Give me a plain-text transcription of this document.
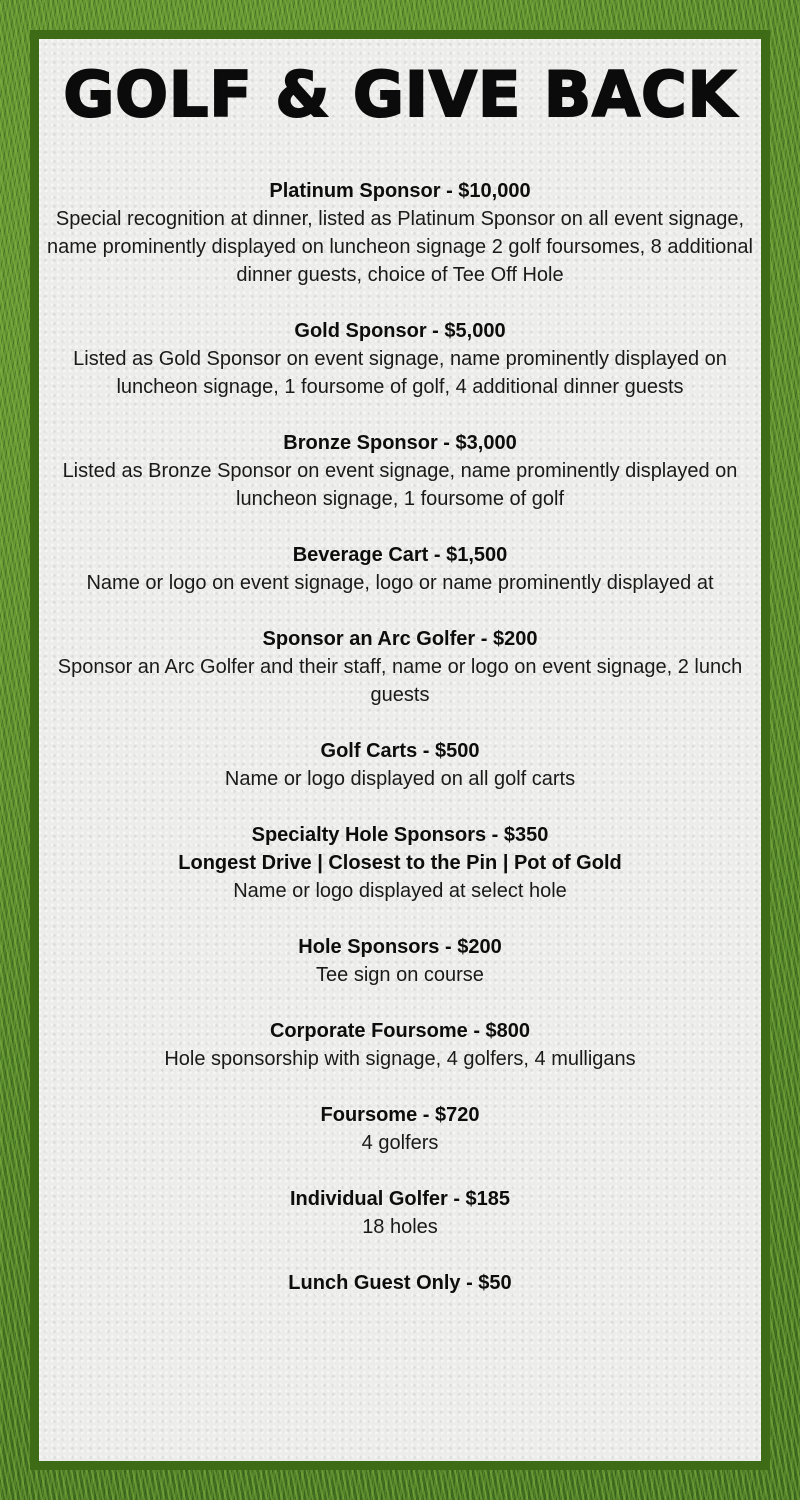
GOLF & GIVE BACK
Platinum Sponsor - $10,000
Special recognition at dinner, listed as Platinum Sponsor on all event signage, name prominently displayed on luncheon signage 2 golf foursomes, 8 additional dinner guests, choice of Tee Off Hole
Gold Sponsor - $5,000
Listed as Gold Sponsor on event signage, name prominently displayed on luncheon signage, 1 foursome of golf, 4 additional dinner guests
Bronze Sponsor - $3,000
Listed as Bronze Sponsor on event signage, name prominently displayed on luncheon signage, 1 foursome of golf
Beverage Cart - $1,500
Name or logo on event signage, logo or name prominently displayed at
Sponsor an Arc Golfer - $200
Sponsor an Arc Golfer and their staff, name or logo on event signage, 2 lunch guests
Golf Carts - $500
Name or logo displayed on all golf carts
Specialty Hole Sponsors - $350
Longest Drive | Closest to the Pin | Pot of Gold
Name or logo displayed at select hole
Hole Sponsors - $200
Tee sign on course
Corporate Foursome - $800
Hole sponsorship with signage, 4 golfers, 4 mulligans
Foursome - $720
4 golfers
Individual Golfer - $185
18 holes
Lunch Guest Only - $50
